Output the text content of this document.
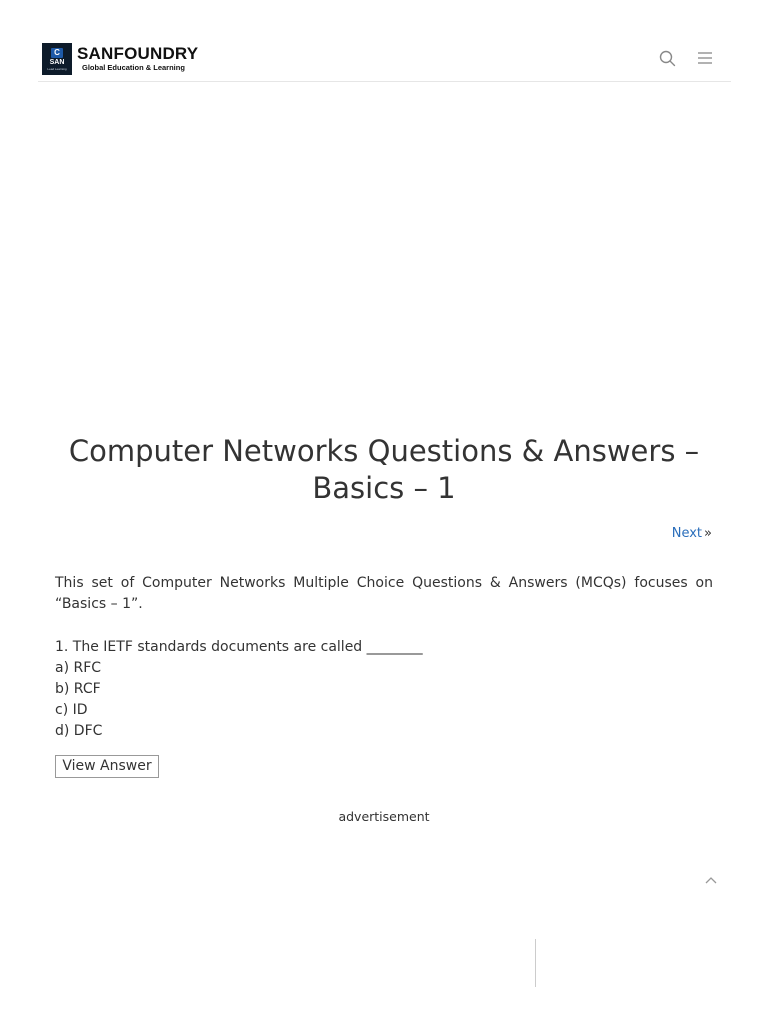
C
SAN
Lead Learning
SANFOUNDRY
Global Education & Learning
Computer Networks Questions & Answers – Basics – 1
Next »

This set of Computer Networks Multiple Choice Questions & Answers (MCQs) focuses on “Basics – 1”.

1. The IETF standards documents are called ________
a) RFC
b) RCF
c) ID
d) DFC
View Answer
advertisement
